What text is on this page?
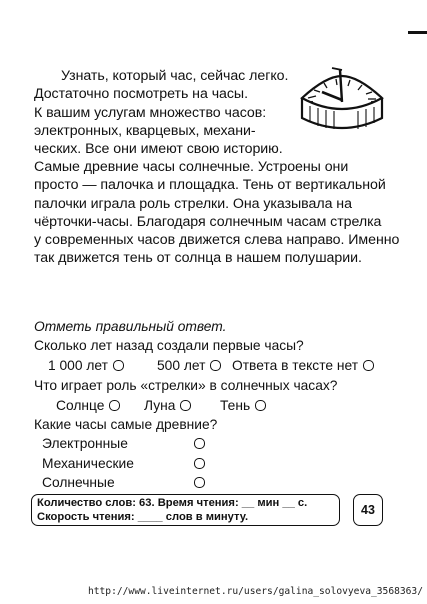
Узнать, который час, сейчас легко.
Достаточно посмотреть на часы.
К вашим услугам множество часов:
электронных, кварцевых, механи-
ческих. Все они имеют свою историю.
Самые древние часы солнечные. Устроены они
просто — палочка и площадка. Тень от вертикальной
палочки играла роль стрелки. Она указывала на
чёрточки-часы. Благодаря солнечным часам стрелка
у современных часов движется слева направо. Именно
так движется тень от солнца в нашем полушарии.
Отметь правильный ответ.
Сколько лет назад создали первые часы?
1 000 лет	500 лет Ответа в тексте нет
Что играет роль «стрелки» в солнечных часах?
Солнце	Луна	Тень
Какие часы самые древние?
Электронные
Механические
Солнечные
Количество слов: 63. Время чтения: __ мин __ с.
Скорость чтения: ____ слов в минуту.	43
http://www.liveinternet.ru/users/galina_solovyeva_3568363/
